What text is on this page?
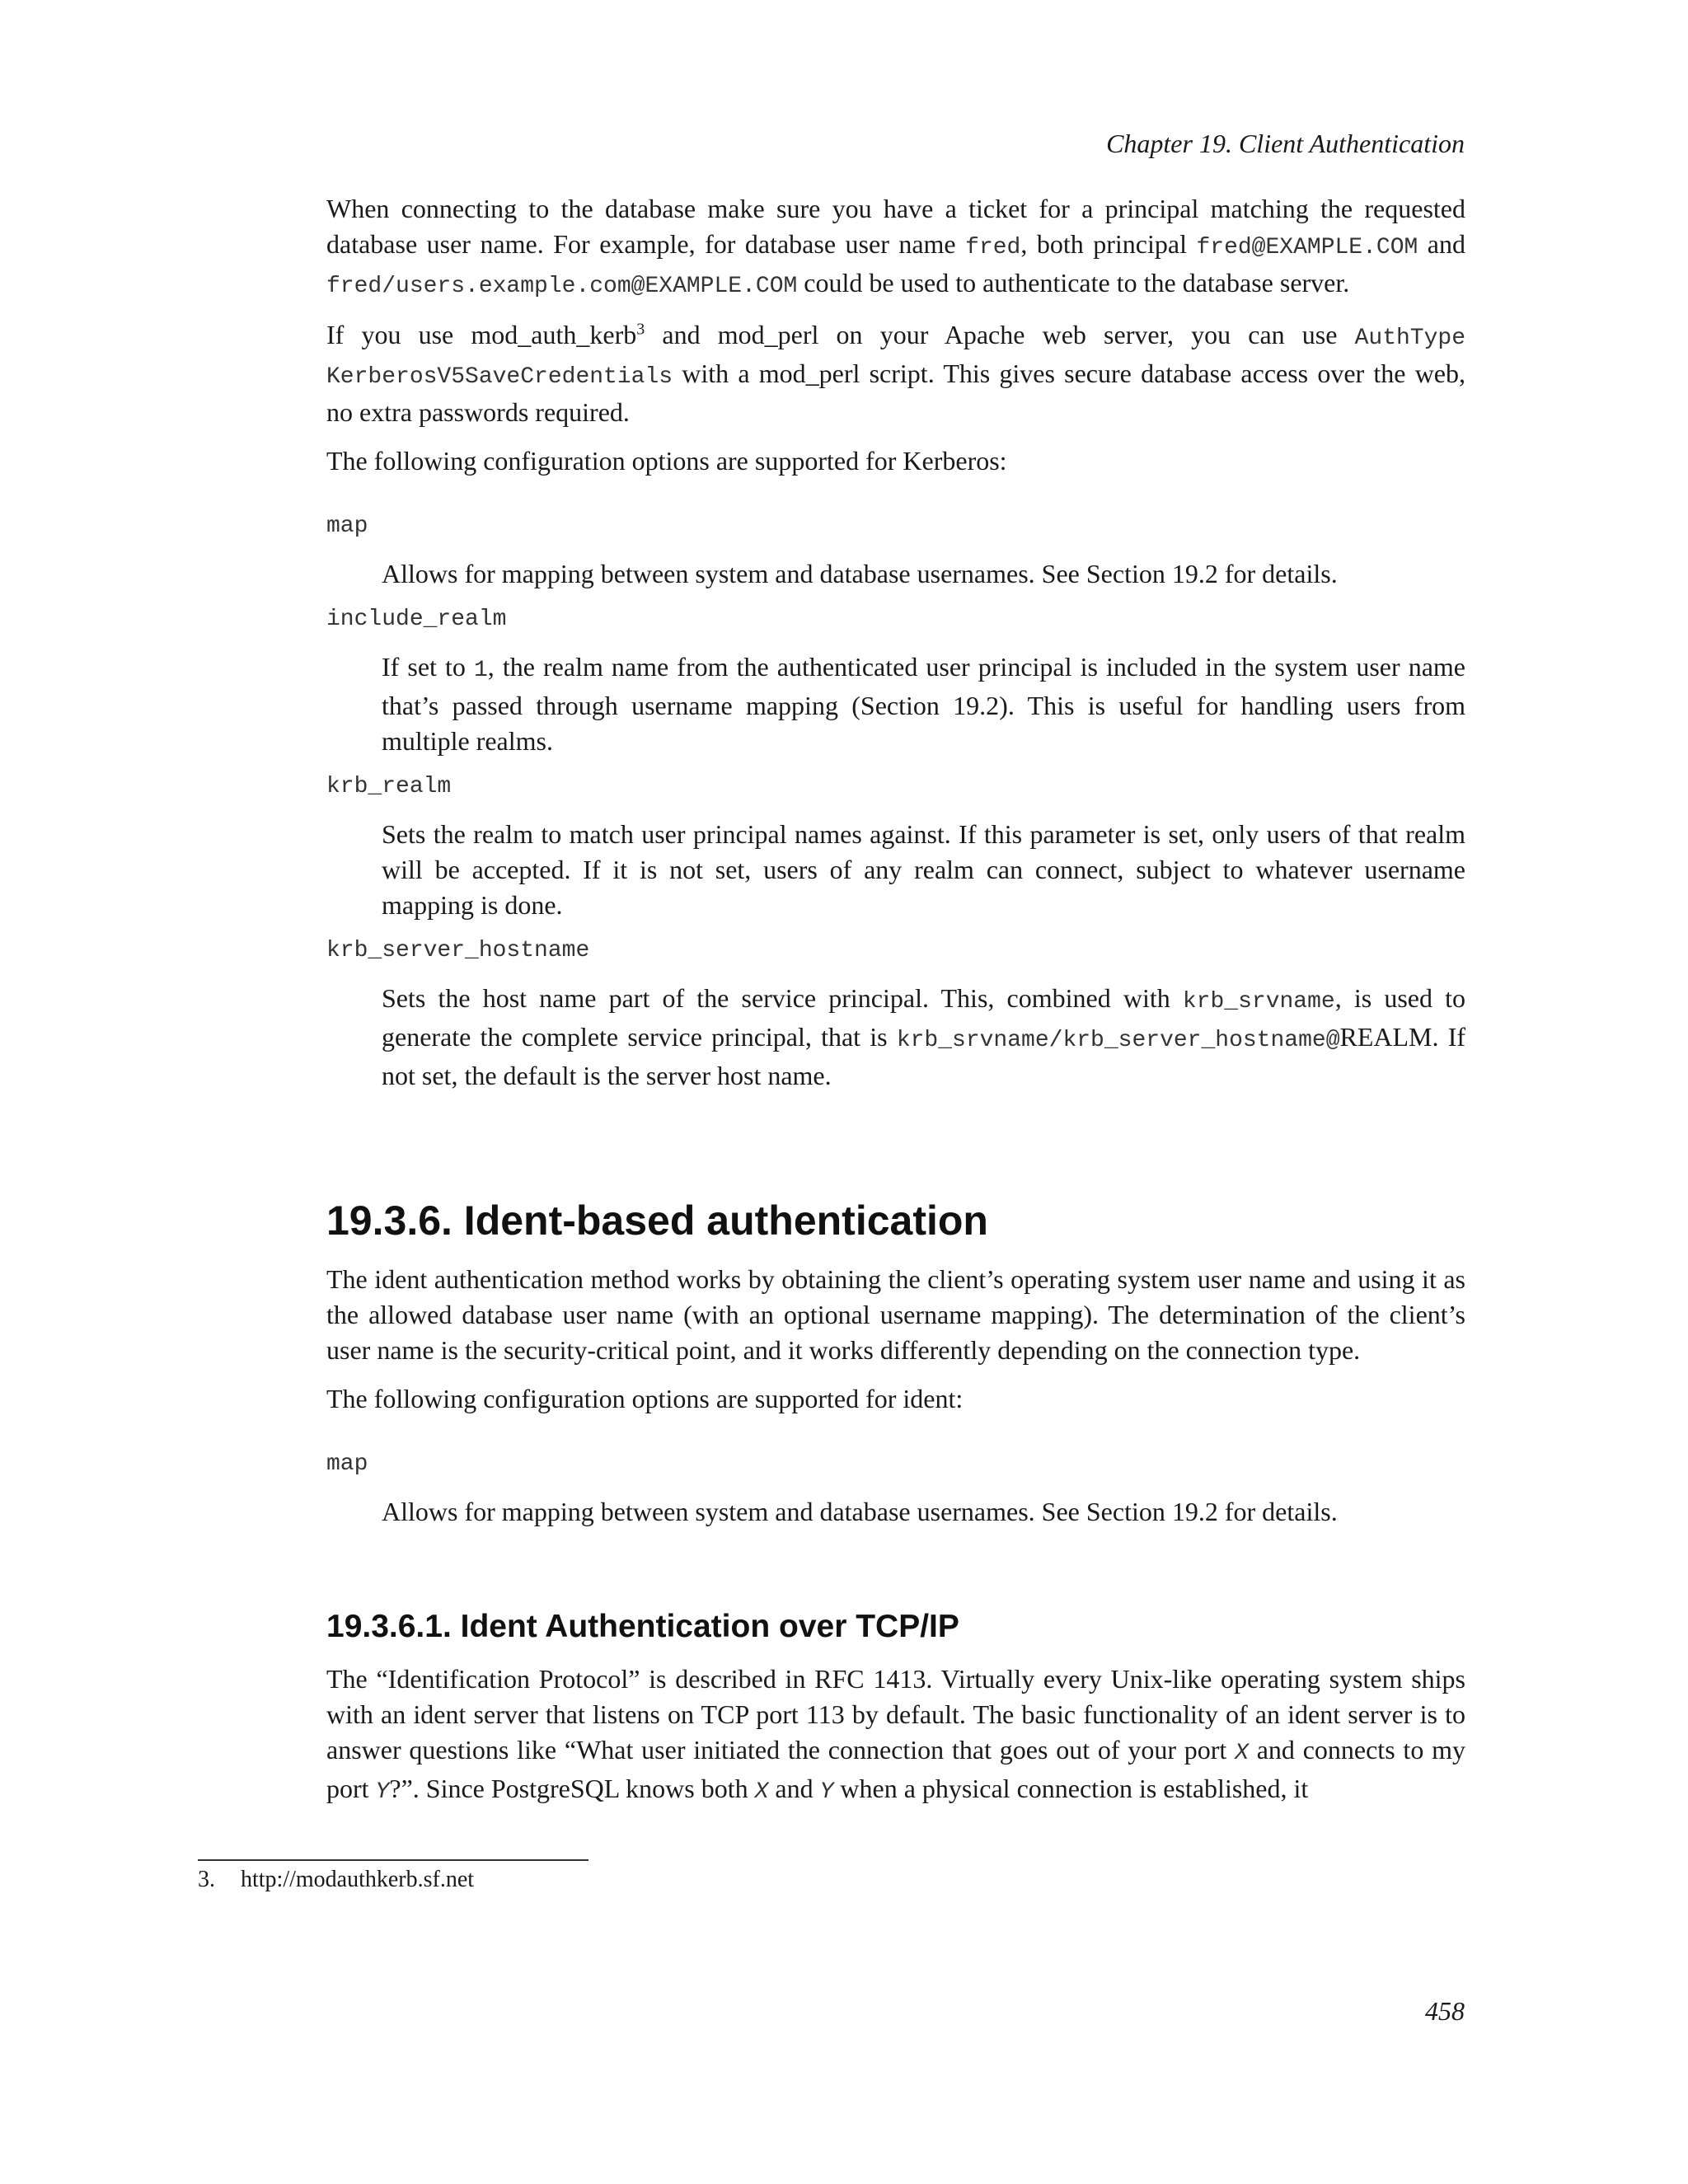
Chapter 19. Client Authentication

When connecting to the database make sure you have a ticket for a principal matching the requested database user name. For example, for database user name fred, both principal fred@EXAMPLE.COM and fred/users.example.com@EXAMPLE.COM could be used to authenticate to the database server.

If you use mod_auth_kerb$^3$ and mod_perl on your Apache web server, you can use AuthType KerberosV5SaveCredentials with a mod_perl script. This gives secure database access over the web, no extra passwords required.

The following configuration options are supported for Kerberos:

map
Allows for mapping between system and database usernames. See Section 19.2 for details.
include_realm
If set to 1, the realm name from the authenticated user principal is included in the system user name that’s passed through username mapping (Section 19.2). This is useful for handling users from multiple realms.
krb_realm
Sets the realm to match user principal names against. If this parameter is set, only users of that realm will be accepted. If it is not set, users of any realm can connect, subject to whatever username mapping is done.
krb_server_hostname
Sets the host name part of the service principal. This, combined with krb_srvname, is used to generate the complete service principal, that is krb_srvname/krb_server_hostname@REALM. If not set, the default is the server host name.
19.3.6. Ident-based authentication

The ident authentication method works by obtaining the client’s operating system user name and using it as the allowed database user name (with an optional username mapping). The determination of the client’s user name is the security-critical point, and it works differently depending on the connection type.

The following configuration options are supported for ident:

map
Allows for mapping between system and database usernames. See Section 19.2 for details.
19.3.6.1. Ident Authentication over TCP/IP

The “Identification Protocol” is described in RFC 1413. Virtually every Unix-like operating system ships with an ident server that listens on TCP port 113 by default. The basic functionality of an ident server is to answer questions like “What user initiated the connection that goes out of your port X and connects to my port Y?”. Since PostgreSQL knows both X and Y when a physical connection is established, it

3. http://modauthkerb.sf.net
458
